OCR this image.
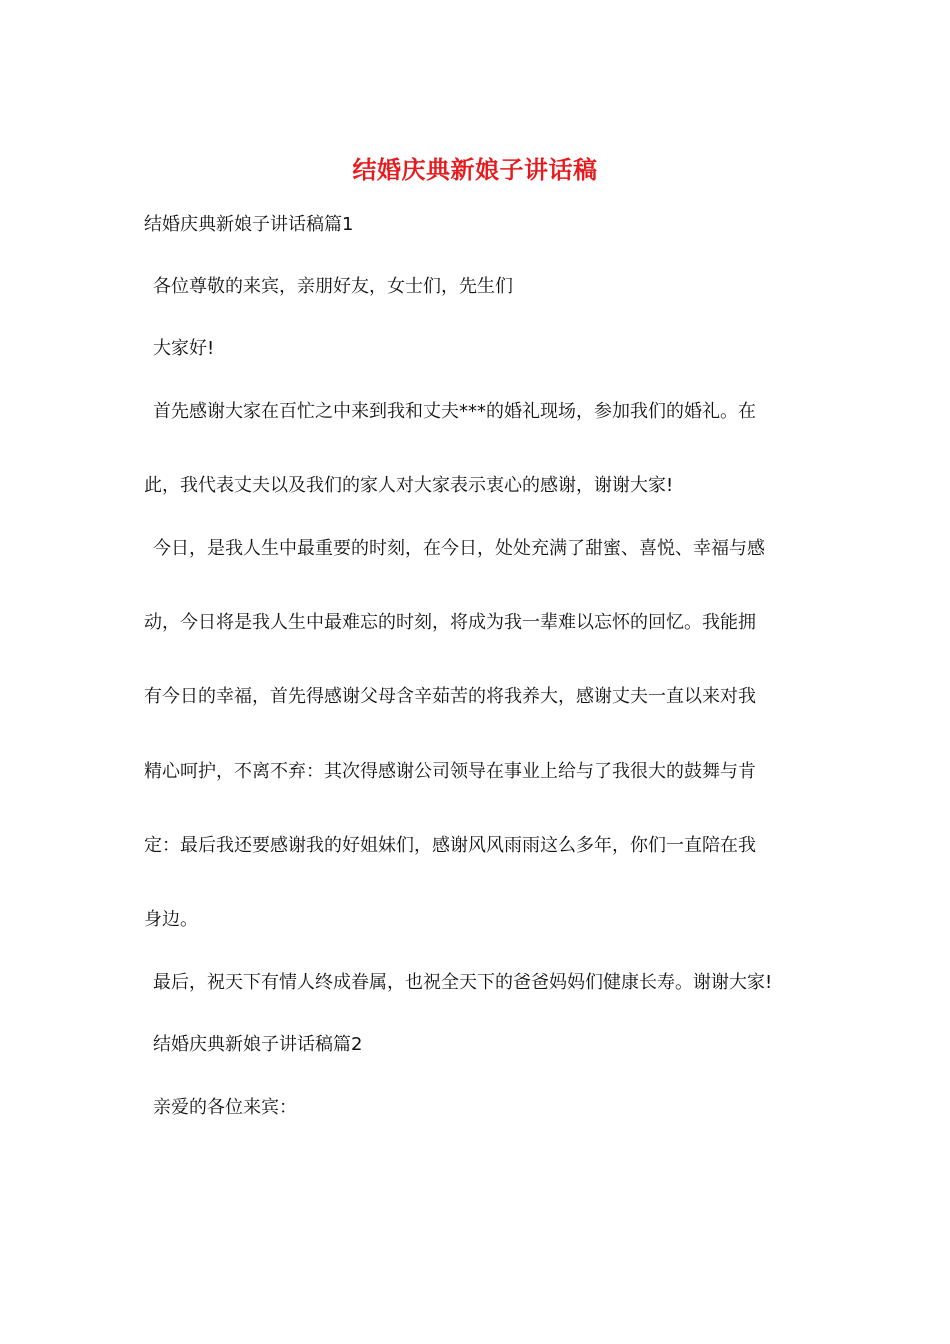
结婚庆典新娘子讲话稿
结婚庆典新娘子讲话稿篇1
各位尊敬的来宾，亲朋好友，女士们，先生们
大家好!
首先感谢大家在百忙之中来到我和丈夫***的婚礼现场，参加我们的婚礼。在
此，我代表丈夫以及我们的家人对大家表示衷心的感谢，谢谢大家!
今日，是我人生中最重要的时刻，在今日，处处充满了甜蜜、喜悦、幸福与感
动，今日将是我人生中最难忘的时刻，将成为我一辈难以忘怀的回忆。我能拥
有今日的幸福，首先得感谢父母含辛茹苦的将我养大，感谢丈夫一直以来对我
精心呵护，不离不弃：其次得感谢公司领导在事业上给与了我很大的鼓舞与肯
定：最后我还要感谢我的好姐妹们，感谢风风雨雨这么多年，你们一直陪在我
身边。
最后，祝天下有情人终成眷属，也祝全天下的爸爸妈妈们健康长寿。谢谢大家!
结婚庆典新娘子讲话稿篇2
亲爱的各位来宾：
